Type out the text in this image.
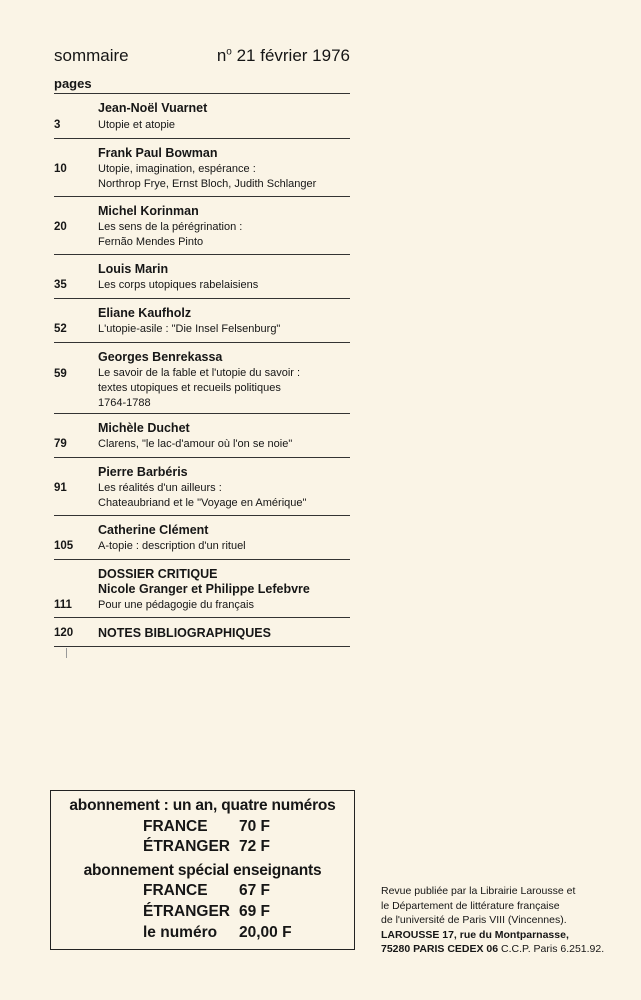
sommaire	$n^o$ 21 février 1976
pages
Jean-Noël Vuarnet
3	Utopie et atopie
Frank Paul Bowman
10	Utopie, imagination, espérance :
Northrop Frye, Ernst Bloch, Judith Schlanger
Michel Korinman
20	Les sens de la pérégrination :
Fernão Mendes Pinto
Louis Marin
35	Les corps utopiques rabelaisiens
Eliane Kaufholz
52	L'utopie-asile : "Die Insel Felsenburg"
Georges Benrekassa
59	Le savoir de la fable et l'utopie du savoir :
textes utopiques et recueils politiques
1764-1788
Michèle Duchet
79	Clarens, "le lac-d'amour où l'on se noie"
Pierre Barbéris
91	Les réalités d'un ailleurs :
Chateaubriand et le "Voyage en Amérique"
Catherine Clément
105 A-topie : description d'un rituel
DOSSIER CRITIQUE
Nicole Granger et Philippe Lefebvre
111 Pour une pédagogie du français
120 NOTES BIBLIOGRAPHIQUES
abonnement : un an, quatre numéros
FRANCE 70 F
ÉTRANGER 72 F
abonnement spécial enseignants
FRANCE 67 F
ÉTRANGER 69 F
le numéro 20,00 F
Revue publiée par la Librairie Larousse et
le Département de littérature française
de l'université de Paris VIII (Vincennes).
LAROUSSE 17, rue du Montparnasse,
75280 PARIS CEDEX 06 C.C.P. Paris 6.251.92.
